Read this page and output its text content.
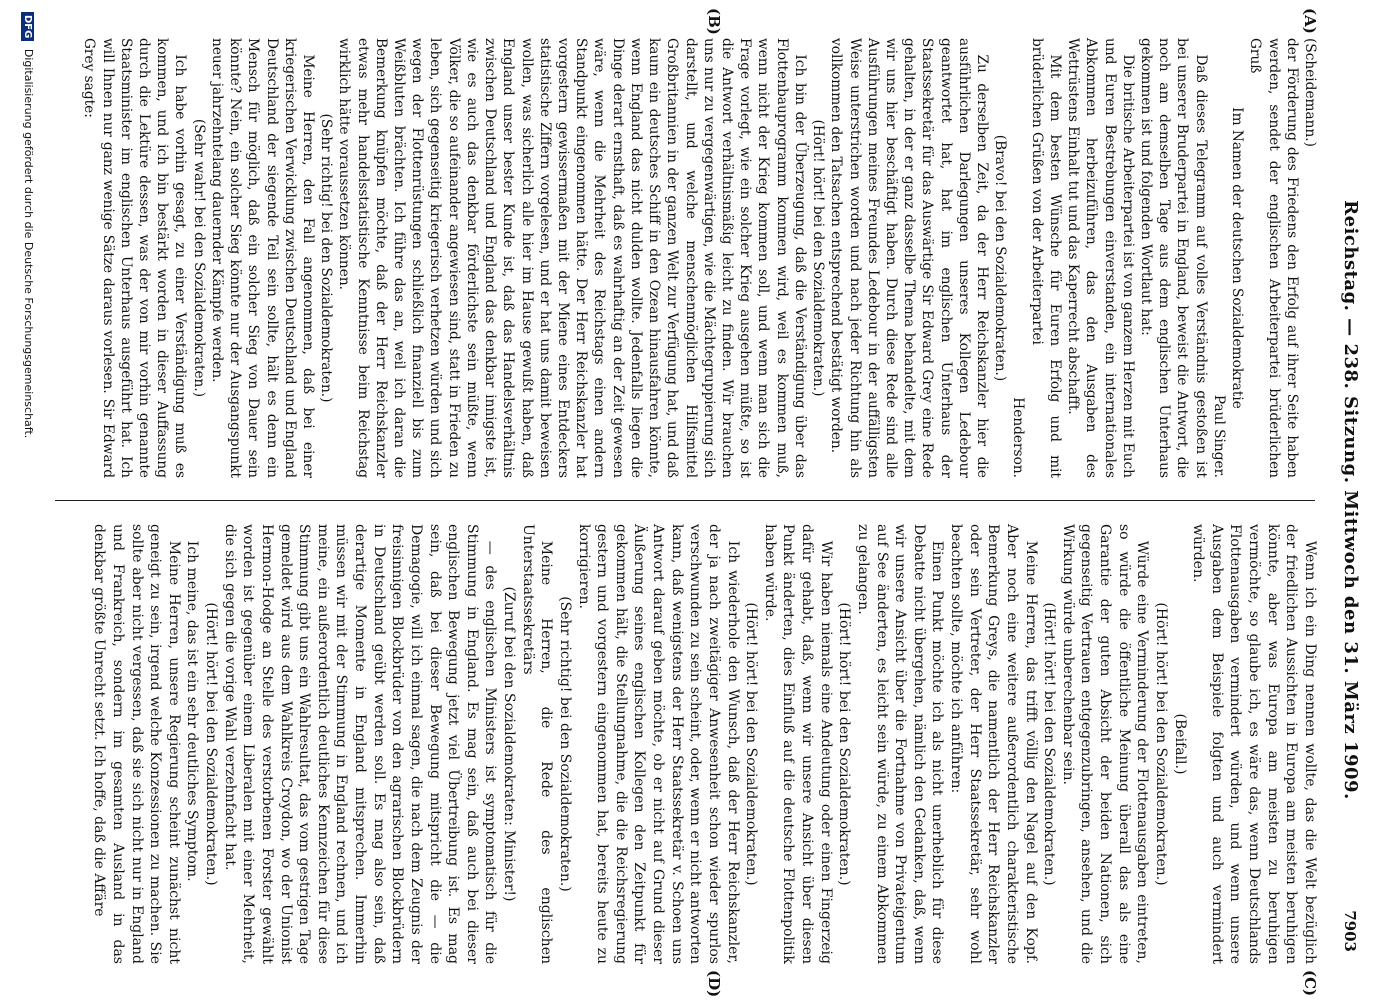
Reichstag. — 238. Sitzung. Mittwoch den 31. März 1909.
7903
(A)
(B)
(C)
(D)

(Scheidemann.)

der Förderung des Friedens den Erfolg auf ihrer Seite haben werden, sendet der englischen Arbeiterpartei brüderlichen Gruß

Im Namen der deutschen Sozialdemokratie

Paul Singer.

Daß dieses Telegramm auf volles Verständnis gestoßen ist bei unserer Bruderpartei in England, beweist die Antwort, die noch am demselben Tage aus dem englischen Unterhaus gekommen ist und folgenden Wortlaut hat:

Die britische Arbeiterpartei ist von ganzem Herzen mit Euch und Euren Bestrebungen einverstanden, ein internationales Abkommen herbeizuführen, das den Ausgaben des Wettrüstens Einhalt tut und das Kaperrecht abschafft.

Mit dem besten Wünsche für Euren Erfolg und mit brüderlichen Grüßen von der Arbeiterpartei

Henderson.

(Bravo! bei den Sozialdemokraten.)

Zu derselben Zeit, da der Herr Reichskanzler hier die ausführlichen Darlegungen unseres Kollegen Ledebour geantwortet hat, hat im englischen Unterhaus der Staatssekretär für das Auswärtige Sir Edward Grey eine Rede gehalten, in der er ganz dasselbe Thema behandelte, mit dem wir uns hier beschäftigt haben. Durch diese Rede sind alle Ausführungen meines Freundes Ledebour in der auffälligsten Weise unterstrichen worden und nach jeder Richtung hin als vollkommen den Tatsachen entsprechend bestätigt worden.

(Hört! hört! bei den Sozialdemokraten.)

Ich bin der Überzeugung, daß die Verständigung über das Flottenbauprogramm kommen wird, weil es kommen muß, wenn nicht der Krieg kommen soll, und wenn man sich die Frage vorlegt, wie ein solcher Krieg ausgehen müßte, so ist die Antwort verhältnismäßig leicht zu finden. Wir brauchen uns nur zu vergegenwärtigen, wie die Mächtegruppierung sich darstellt, und welche menschenmöglichen Hilfsmittel Großbritannien in der ganzen Welt zur Verfügung hat, und daß kaum ein deutsches Schiff in den Ozean hinausfahren könnte, wenn England das nicht dulden wollte. Jedenfalls liegen die Dinge derart ernsthaft, daß es wahrhaftig an der Zeit gewesen wäre, wenn die Mehrheit des Reichstags einen andern Standpunkt eingenommen hätte. Der Herr Reichskanzler hat vorgestern gewissermaßen mit der Miene eines Entdeckers statistische Ziffern vorgelesen, und er hat uns damit beweisen wollen, was sicherlich alle hier im Hause gewußt haben, daß England unser bester Kunde ist, daß das Handelsverhältnis zwischen Deutschland und England das denkbar innigste ist, wie es auch das denkbar förderlichste sein müßte, wenn Völker, die so aufeinander angewiesen sind, statt in Frieden zu leben, sich gegenseitig kriegerisch verhetzen würden und sich wegen der Flottenrüstungen schließlich finanziell bis zum Weißbluten brächten. Ich führe das an, weil ich daran die Bemerkung knüpfen möchte, daß der Herr Reichskanzler etwas mehr handelsstatistische Kenntnisse beim Reichstag wirklich hätte voraussetzen können.

(Sehr richtig! bei den Sozialdemokraten.)

Meine Herren, den Fall angenommen, daß bei einer kriegerischen Verwicklung zwischen Deutschland und England Deutschland der siegende Teil sein sollte, hält es denn ein Mensch für möglich, daß ein solcher Sieg von Dauer sein könnte? Nein, ein solcher Sieg könnte nur der Ausgangspunkt neuer jahrzehntelang dauernder Kämpfe werden.

(Sehr wahr! bei den Sozialdemokraten.)

Ich habe vorhin gesagt, zu einer Verständigung muß es kommen, und ich bin bestärkt worden in dieser Auffassung durch die Lektüre dessen, was der von mir vorhin genannte Staatsminister im englischen Unterhaus ausgeführt hat. Ich will Ihnen nur ganz wenige Sätze daraus vorlesen. Sir Edward Grey sagte:

Wenn ich ein Ding nennen wollte, das die Welt bezüglich der friedlichen Aussichten in Europa am meisten beruhigen könnte, aber was Europa am meisten zu beruhigen vermöchte, so glaube ich, es wäre das, wenn Deutschlands Flottenausgaben vermindert würden, und wenn unsere Ausgaben dem Beispiele folgten und auch vermindert würden.

(Beifall.)

(Hört! hört! bei den Sozialdemokraten.)

Würde eine Verminderung der Flottenausgaben eintreten, so würde die öffentliche Meinung überall das als eine Garantie der guten Absicht der beiden Nationen, sich gegenseitig Vertrauen entgegenzubringen, ansehen, und die Wirkung würde unberechenbar sein.

(Hört! hört! bei den Sozialdemokraten.)

Meine Herren, das trifft völlig den Nagel auf den Kopf. Aber noch eine weitere außerordentlich charakteristische Bemerkung Greys, die namentlich der Herr Reichskanzler oder sein Vertreter, der Herr Staatssekretär, sehr wohl beachten sollte, möchte ich anführen:

Einen Punkt möchte ich als nicht unerheblich für diese Debatte nicht übergehen, nämlich den Gedanken, daß, wenn wir unsere Ansicht über die Fortnahme von Privateigentum auf See änderten, es leicht sein würde, zu einem Abkommen zu gelangen.

(Hört! hört! bei den Sozialdemokraten.)

Wir haben niemals eine Andeutung oder einen Fingerzeig dafür gehabt, daß, wenn wir unsere Ansicht über diesen Punkt änderten, dies Einfluß auf die deutsche Flottenpolitik haben würde.

(Hört! hört! bei den Sozialdemokraten.)

Ich wiederhole den Wunsch, daß der Herr Reichskanzler, der ja nach zweitägiger Anwesenheit schon wieder spurlos verschwunden zu sein scheint, oder, wenn er nicht antworten kann, daß wenigstens der Herr Staatssekretär v. Schoen uns Antwort darauf geben möchte, ob er nicht auf Grund dieser Äußerung seines englischen Kollegen den Zeitpunkt für gekommen hält, die Stellungnahme, die die Reichsregierung gestern und vorgestern eingenommen hat, bereits heute zu korrigieren.

(Sehr richtig! bei den Sozialdemokraten.)

Meine Herren, die Rede des englischen Unterstaatssekretärs

(Zuruf bei den Sozialdemokraten: Minister!)

— des englischen Ministers ist symptomatisch für die Stimmung in England. Es mag sein, daß auch bei dieser englischen Bewegung jetzt viel Übertreibung ist. Es mag sein, daß bei dieser Bewegung mitspricht die — die Demagogie, will ich einmal sagen, die nach dem Zeugnis der freisinnigen Blockbrüder von den agrarischen Blockbrüdern in Deutschland geübt werden soll. Es mag also sein, daß derartige Momente in England mitsprechen. Immerhin müssen wir mit der Stimmung in England rechnen, und ich meine, ein außerordentlich deutliches Kennzeichen für diese Stimmung gibt uns ein Wahlresultat, das vom gestrigen Tage gemeldet wird aus dem Wahlkreis Croydon, wo der Unionist Hermon-Hodge an Stelle des verstorbenen Forster gewählt worden ist gegenüber einem Liberalen mit einer Mehrheit, die sich gegen die vorige Wahl verzehnfacht hat.

(Hört! hört! bei den Sozialdemokraten.)

Ich meine, das ist ein sehr deutliches Symptom.

Meine Herren, unsere Regierung scheint zunächst nicht geneigt zu sein, irgend welche Konzessionen zu machen. Sie sollte aber nicht vergessen, daß sie sich nicht nur in England und Frankreich, sondern im gesamten Ausland in das denkbar größte Unrecht setzt. Ich hoffe, daß die Affäre

DFG Digitalisierung gefördert durch die Deutsche Forschungsgemeinschaft.
